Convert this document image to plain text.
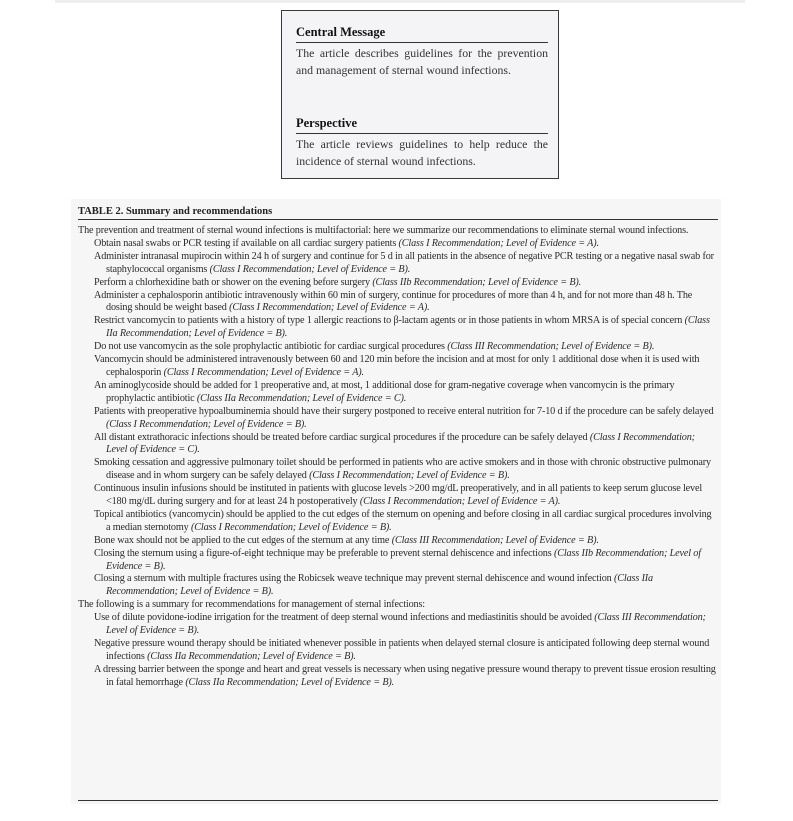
Central Message
The article describes guidelines for the prevention and management of sternal wound infections.
Perspective
The article reviews guidelines to help reduce the incidence of sternal wound infections.
TABLE 2. Summary and recommendations
The prevention and treatment of sternal wound infections is multifactorial: here we summarize our recommendations to eliminate sternal wound infections.
Obtain nasal swabs or PCR testing if available on all cardiac surgery patients (Class I Recommendation; Level of Evidence = A).
Administer intranasal mupirocin within 24 h of surgery and continue for 5 d in all patients in the absence of negative PCR testing or a negative nasal swab for staphylococcal organisms (Class I Recommendation; Level of Evidence = B).
Perform a chlorhexidine bath or shower on the evening before surgery (Class IIb Recommendation; Level of Evidence = B).
Administer a cephalosporin antibiotic intravenously within 60 min of surgery, continue for procedures of more than 4 h, and for not more than 48 h. The dosing should be weight based (Class I Recommendation; Level of Evidence = A).
Restrict vancomycin to patients with a history of type 1 allergic reactions to β-lactam agents or in those patients in whom MRSA is of special concern (Class IIa Recommendation; Level of Evidence = B).
Do not use vancomycin as the sole prophylactic antibiotic for cardiac surgical procedures (Class III Recommendation; Level of Evidence = B).
Vancomycin should be administered intravenously between 60 and 120 min before the incision and at most for only 1 additional dose when it is used with cephalosporin (Class I Recommendation; Level of Evidence = A).
An aminoglycoside should be added for 1 preoperative and, at most, 1 additional dose for gram-negative coverage when vancomycin is the primary prophylactic antibiotic (Class IIa Recommendation; Level of Evidence = C).
Patients with preoperative hypoalbuminemia should have their surgery postponed to receive enteral nutrition for 7-10 d if the procedure can be safely delayed (Class I Recommendation; Level of Evidence = B).
All distant extrathoracic infections should be treated before cardiac surgical procedures if the procedure can be safely delayed (Class I Recommendation; Level of Evidence = C).
Smoking cessation and aggressive pulmonary toilet should be performed in patients who are active smokers and in those with chronic obstructive pulmonary disease and in whom surgery can be safely delayed (Class I Recommendation; Level of Evidence = B).
Continuous insulin infusions should be instituted in patients with glucose levels >200 mg/dL preoperatively, and in all patients to keep serum glucose level <180 mg/dL during surgery and for at least 24 h postoperatively (Class I Recommendation; Level of Evidence = A).
Topical antibiotics (vancomycin) should be applied to the cut edges of the sternum on opening and before closing in all cardiac surgical procedures involving a median sternotomy (Class I Recommendation; Level of Evidence = B).
Bone wax should not be applied to the cut edges of the sternum at any time (Class III Recommendation; Level of Evidence = B).
Closing the sternum using a figure-of-eight technique may be preferable to prevent sternal dehiscence and infections (Class IIb Recommendation; Level of Evidence = B).
Closing a sternum with multiple fractures using the Robicsek weave technique may prevent sternal dehiscence and wound infection (Class IIa Recommendation; Level of Evidence = B).
The following is a summary for recommendations for management of sternal infections:
Use of dilute povidone-iodine irrigation for the treatment of deep sternal wound infections and mediastinitis should be avoided (Class III Recommendation; Level of Evidence = B).
Negative pressure wound therapy should be initiated whenever possible in patients when delayed sternal closure is anticipated following deep sternal wound infections (Class IIa Recommendation; Level of Evidence = B).
A dressing barrier between the sponge and heart and great vessels is necessary when using negative pressure wound therapy to prevent tissue erosion resulting in fatal hemorrhage (Class IIa Recommendation; Level of Evidence = B).
